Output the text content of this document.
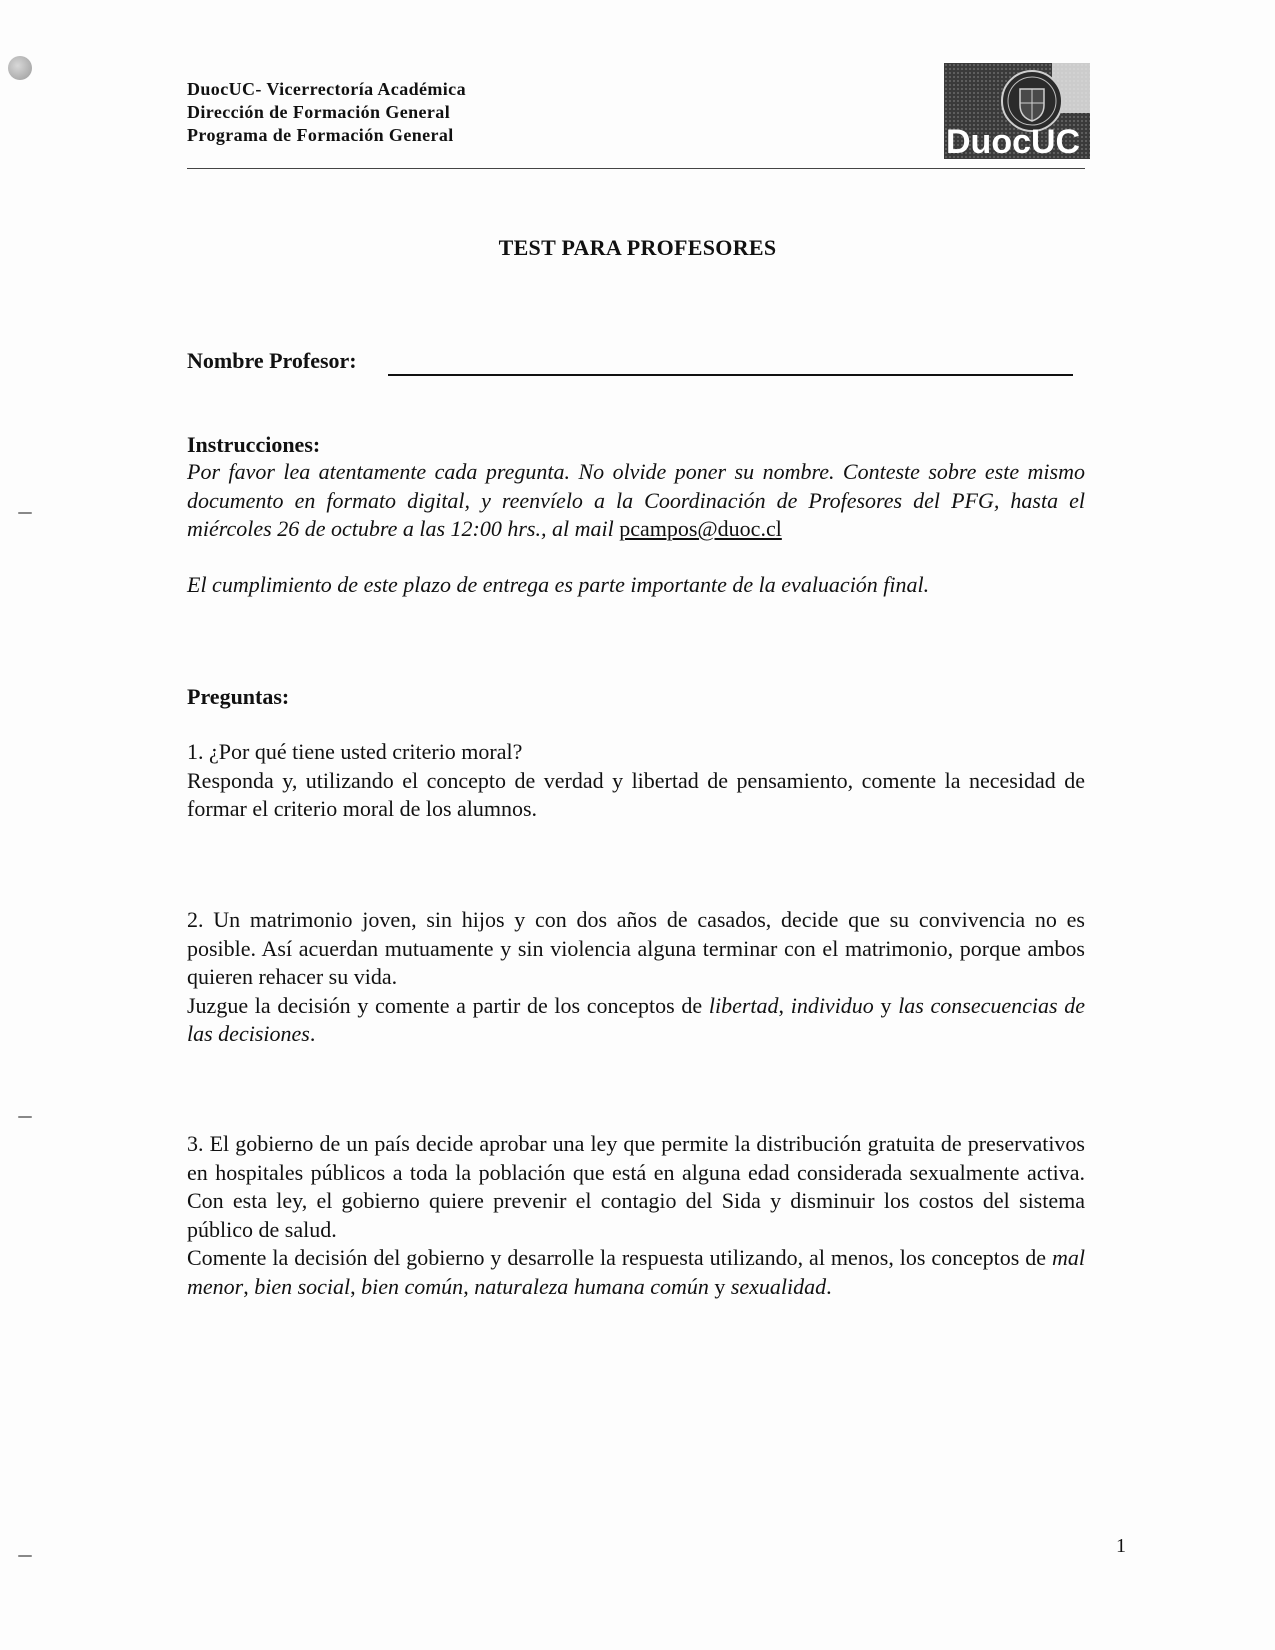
DuocUC- Vicerrectoría Académica
Dirección de Formación General
Programa de Formación General	DuocUC
TEST PARA PROFESORES
Nombre Profesor:
Instrucciones:
Por favor lea atentamente cada pregunta. No olvide poner su nombre. Conteste sobre este mismo documento en formato digital, y reenvíelo a la Coordinación de Profesores del PFG, hasta el miércoles 26 de octubre a las 12:00 hrs., al mail pcampos@duoc.cl
El cumplimiento de este plazo de entrega es parte importante de la evaluación final.
Preguntas:
1. ¿Por qué tiene usted criterio moral?
Responda y, utilizando el concepto de verdad y libertad de pensamiento, comente la necesidad de formar el criterio moral de los alumnos.
2. Un matrimonio joven, sin hijos y con dos años de casados, decide que su convivencia no es posible. Así acuerdan mutuamente y sin violencia alguna terminar con el matrimonio, porque ambos quieren rehacer su vida.
Juzgue la decisión y comente a partir de los conceptos de libertad, individuo y las consecuencias de las decisiones.
3. El gobierno de un país decide aprobar una ley que permite la distribución gratuita de preservativos en hospitales públicos a toda la población que está en alguna edad considerada sexualmente activa. Con esta ley, el gobierno quiere prevenir el contagio del Sida y disminuir los costos del sistema público de salud.
Comente la decisión del gobierno y desarrolle la respuesta utilizando, al menos, los conceptos de mal menor, bien social, bien común, naturaleza humana común y sexualidad.
1
